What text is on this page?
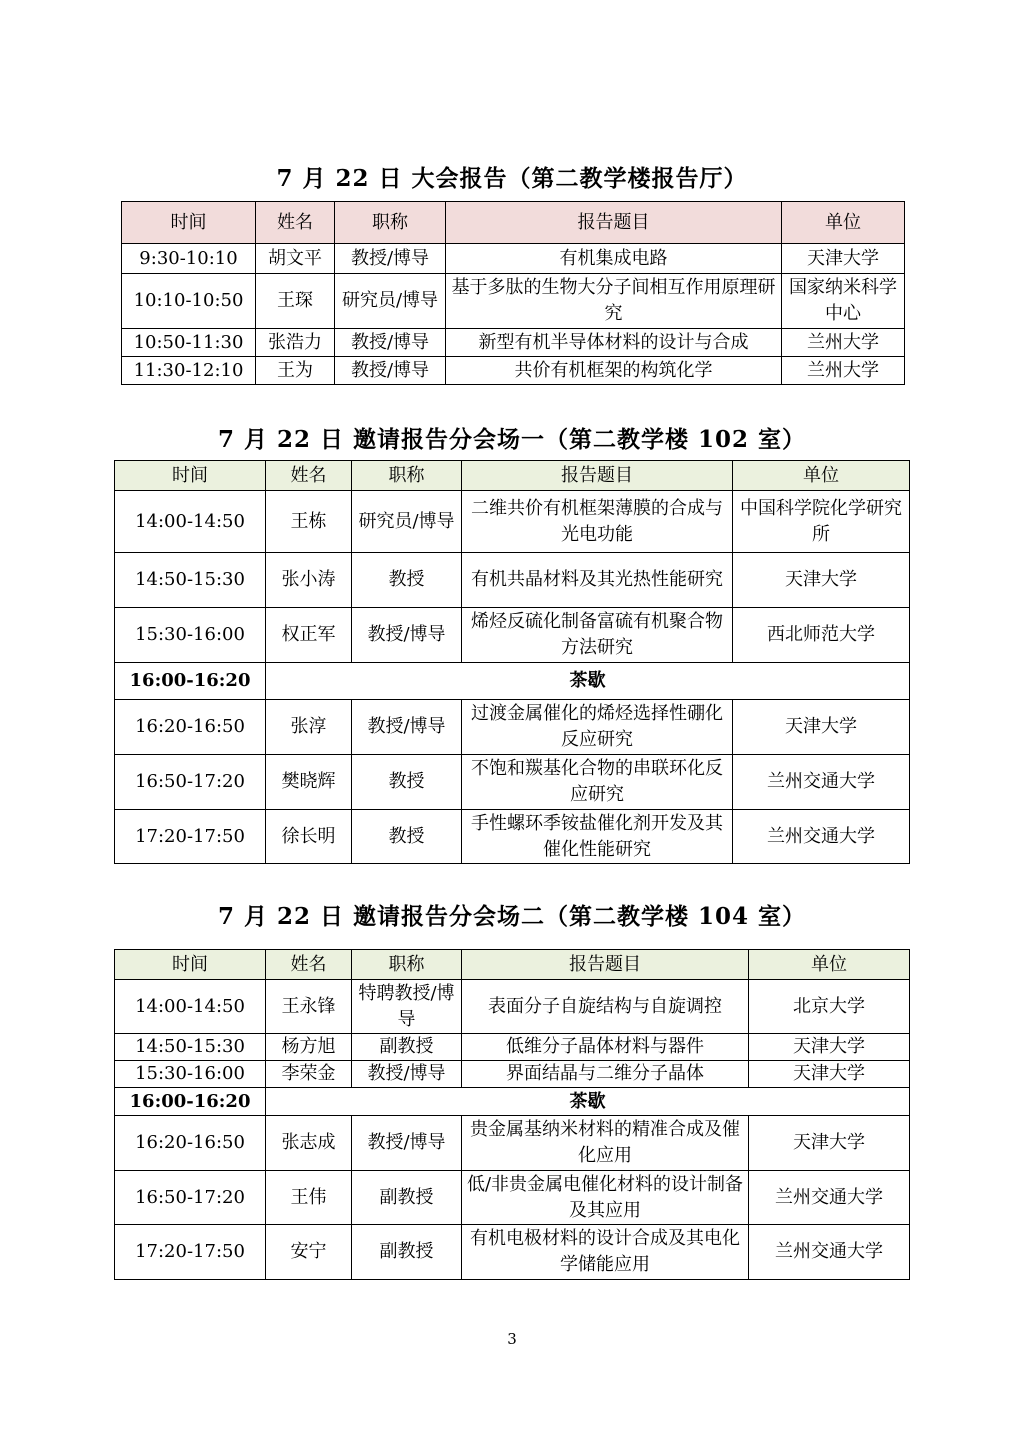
7 月 22 日 大会报告（第二教学楼报告厅）
时间	姓名	职称	报告题目	单位
9:30-10:10	胡文平	教授/博导	有机集成电路	天津大学
10:10-10:50	王琛	研究员/博导	基于多肽的生物大分子间相互作用原理研究	国家纳米科学中心
10:50-11:30	张浩力	教授/博导	新型有机半导体材料的设计与合成	兰州大学
11:30-12:10	王为	教授/博导	共价有机框架的构筑化学	兰州大学
7 月 22 日 邀请报告分会场一（第二教学楼 102 室）
时间	姓名	职称	报告题目	单位
14:00-14:50	王栋	研究员/博导	二维共价有机框架薄膜的合成与光电功能	中国科学院化学研究所
14:50-15:30	张小涛	教授	有机共晶材料及其光热性能研究	天津大学
15:30-16:00	权正军	教授/博导	烯烃反硫化制备富硫有机聚合物方法研究	西北师范大学
16:00-16:20	茶歇			
16:20-16:50	张淳	教授/博导	过渡金属催化的烯烃选择性硼化反应研究	天津大学
16:50-17:20	樊晓辉	教授	不饱和羰基化合物的串联环化反应研究	兰州交通大学
17:20-17:50	徐长明	教授	手性螺环季铵盐催化剂开发及其催化性能研究	兰州交通大学
7 月 22 日 邀请报告分会场二（第二教学楼 104 室）
时间	姓名	职称	报告题目	单位
14:00-14:50	王永锋	特聘教授/博导	表面分子自旋结构与自旋调控	北京大学
14:50-15:30	杨方旭	副教授	低维分子晶体材料与器件	天津大学
15:30-16:00	李荣金	教授/博导	界面结晶与二维分子晶体	天津大学
16:00-16:20	茶歇			
16:20-16:50	张志成	教授/博导	贵金属基纳米材料的精准合成及催化应用	天津大学
16:50-17:20	王伟	副教授	低/非贵金属电催化材料的设计制备及其应用	兰州交通大学
17:20-17:50	安宁	副教授	有机电极材料的设计合成及其电化学储能应用	兰州交通大学
3
